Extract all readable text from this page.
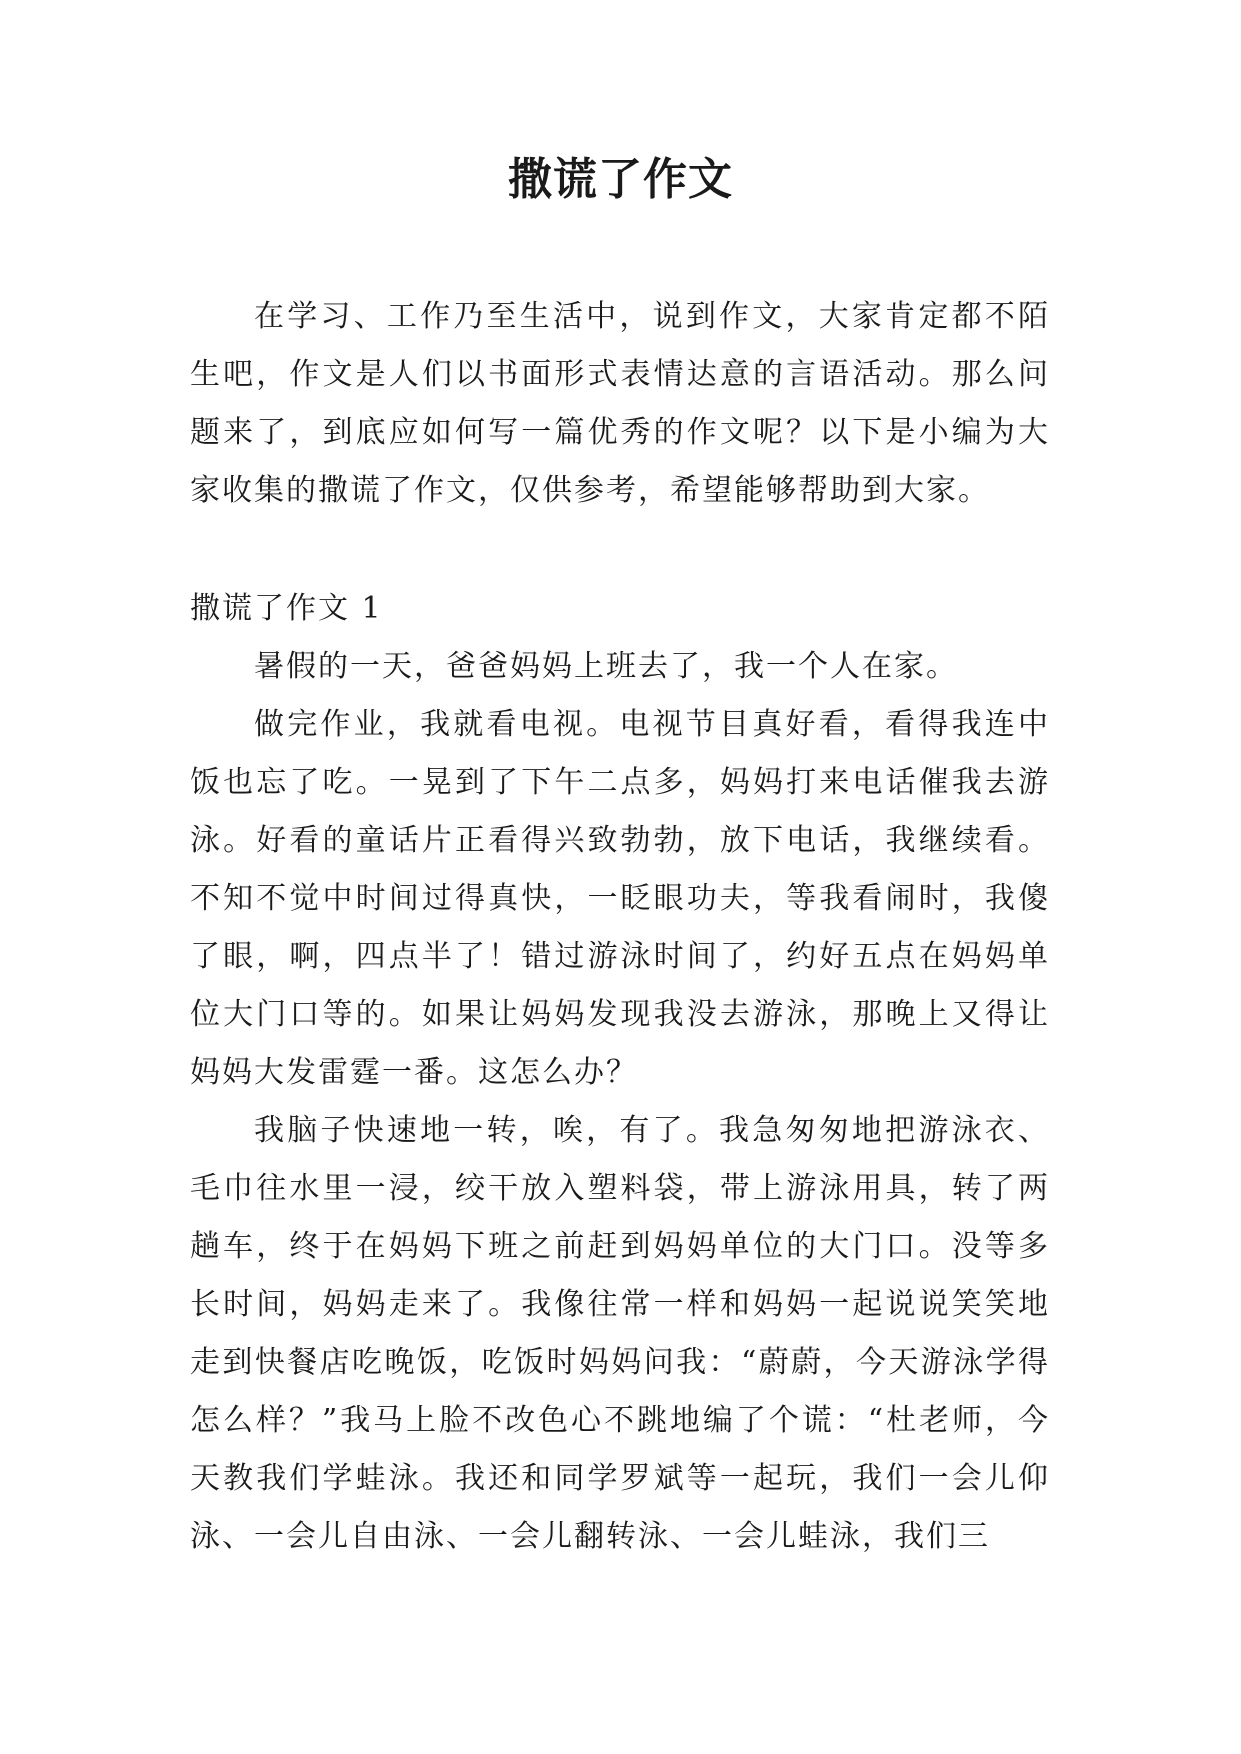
撒谎了作文

在学习、工作乃至生活中，说到作文，大家肯定都不陌生吧，作文是人们以书面形式表情达意的言语活动。那么问题来了，到底应如何写一篇优秀的作文呢？以下是小编为大家收集的撒谎了作文，仅供参考，希望能够帮助到大家。

撒谎了作文 1

暑假的一天，爸爸妈妈上班去了，我一个人在家。

做完作业，我就看电视。电视节目真好看，看得我连中饭也忘了吃。一晃到了下午二点多，妈妈打来电话催我去游泳。好看的童话片正看得兴致勃勃，放下电话，我继续看。不知不觉中时间过得真快，一眨眼功夫，等我看闹时，我傻了眼，啊，四点半了！错过游泳时间了，约好五点在妈妈单位大门口等的。如果让妈妈发现我没去游泳，那晚上又得让妈妈大发雷霆一番。这怎么办？

我脑子快速地一转，唉，有了。我急匆匆地把游泳衣、毛巾往水里一浸，绞干放入塑料袋，带上游泳用具，转了两趟车，终于在妈妈下班之前赶到妈妈单位的大门口。没等多长时间，妈妈走来了。我像往常一样和妈妈一起说说笑笑地走到快餐店吃晚饭，吃饭时妈妈问我：“蔚蔚，今天游泳学得怎么样？”我马上脸不改色心不跳地编了个谎：“杜老师，今天教我们学蛙泳。我还和同学罗斌等一起玩，我们一会儿仰泳、一会儿自由泳、一会儿翻转泳、一会儿蛙泳，我们三
